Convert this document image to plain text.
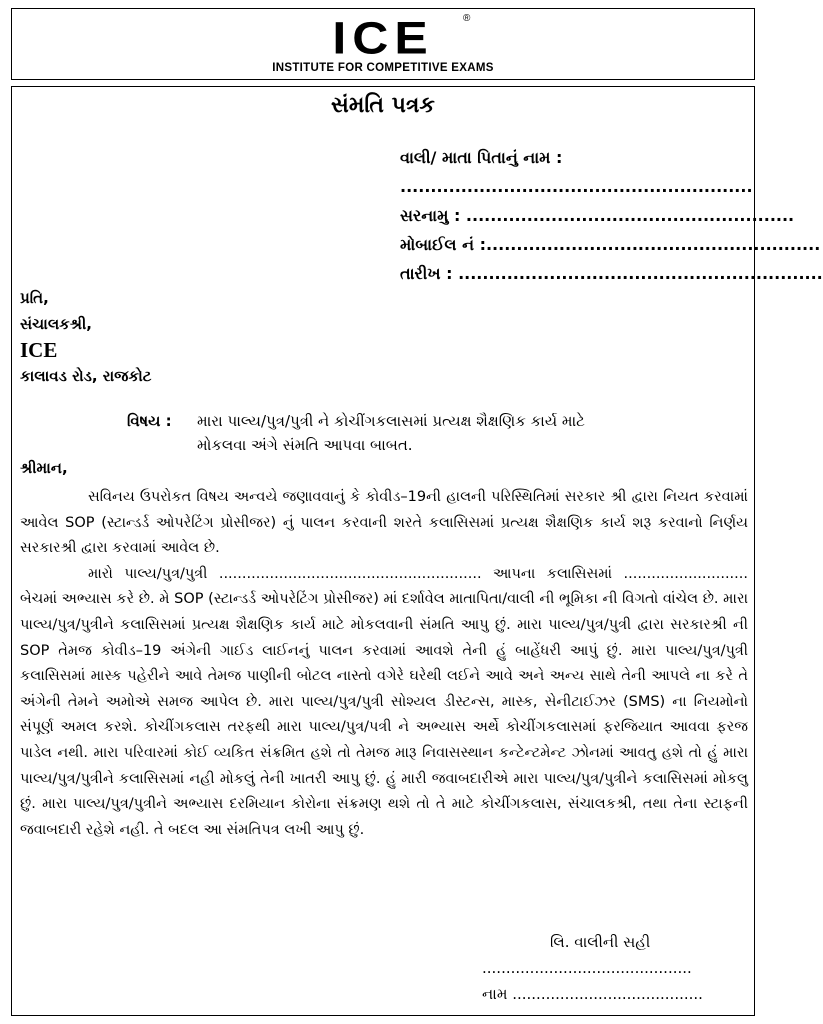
ICE	®
INSTITUTE FOR COMPETITIVE EXAMS
સંમતિ પત્રક
વાલી/ માતા પિતાનું નામ :
..........................................................
સરનામુ : ......................................................
મોબાઈલ નં :.......................................................
તારીખ : ............................................................
પ્રતિ,
સંચાલકશ્રી,
ICE
કાલાવડ રોડ, રાજકોટ
વિષય : મારા પાલ્ય/પુત્ર/પુત્રી ને કોચીંગકલાસમાં પ્રત્યક્ષ શૈક્ષણિક કાર્ય માટે
મોકલવા અંગે સંમતિ આપવા બાબત.
શ્રીમાન,

સવિનય ઉપરોકત વિષય અન્વયે જણાવવાનું કે કોવીડ–19ની હાલની પરિસ્થિતિમાં સરકાર શ્રી દ્વારા નિયત કરવામાં આવેલ SOP (સ્ટાન્ડર્ડ ઓપરેટિંગ પ્રોસીજર) નું પાલન કરવાની શરતે કલાસિસમાં પ્રત્યક્ષ શૈક્ષણિક કાર્ય શરૂ કરવાનો નિર્ણય સરકારશ્રી દ્વારા કરવામાં આવેલ છે.

મારો પાલ્ય/પુત્ર/પુત્રી ......................................................... આપના કલાસિસમાં ........................... બેચમાં અભ્યાસ કરે છે. મે SOP (સ્ટાન્ડર્ડ ઓપરેટિંગ પ્રોસીજર) માં દર્શાવેલ માતાપિતા/વાલી ની ભૂમિકા ની વિગતો વાંચેલ છે. મારા પાલ્ય/પુત્ર/પુત્રીને કલાસિસમાં પ્રત્યક્ષ શૈક્ષણિક કાર્ય માટે મોકલવાની સંમતિ આપુ છું. મારા પાલ્ય/પુત્ર/પુત્રી દ્વારા સરકારશ્રી ની SOP તેમજ કોવીડ–19 અંગેની ગાઈડ લાઈનનું પાલન કરવામાં આવશે તેની હું બાહેંધરી આપું છું. મારા પાલ્ય/પુત્ર/પુત્રી કલાસિસમાં માસ્ક પહેરીને આવે તેમજ પાણીની બોટલ નાસ્તો વગેરે ઘરેથી લઈને આવે અને અન્ય સાથે તેની આપલે ના કરે તે અંગેની તેમને અમોએ સમજ આપેલ છે. મારા પાલ્ય/પુત્ર/પુત્રી સોશ્યલ ડીસ્ટન્સ, માસ્ક, સેનીટાઈઝર (SMS) ના નિયમોનો સંપૂર્ણ અમલ કરશે. કોચીંગકલાસ તરફથી મારા પાલ્ય/પુત્ર/પત્રી ને અભ્યાસ અર્થે કોચીંગકલાસમાં ફરજિયાત આવવા ફરજ પાડેલ નથી. મારા પરિવારમાં કોઈ વ્યકિત સંક્રમિત હશે તો તેમજ મારૂ નિવાસસ્થાન કન્ટેન્ટમેન્ટ ઝોનમાં આવતુ હશે તો હું મારા પાલ્ય/પુત્ર/પુત્રીને કલાસિસમાં નહી મોકલું તેની ખાતરી આપુ છું. હું મારી જવાબદારીએ મારા પાલ્ય/પુત્ર/પુત્રીને કલાસિસમાં મોકલુ છું. મારા પાલ્ય/પુત્ર/પુત્રીને અભ્યાસ દરમિયાન કોરોના સંક્રમણ થશે તો તે માટે કોચીંગકલાસ, સંચાલકશ્રી, તથા તેના સ્ટાફની જવાબદારી રહેશે નહી. તે બદલ આ સંમતિપત્ર લખી આપુ છું.

લિ. વાલીની સહી
............................................
નામ ........................................
